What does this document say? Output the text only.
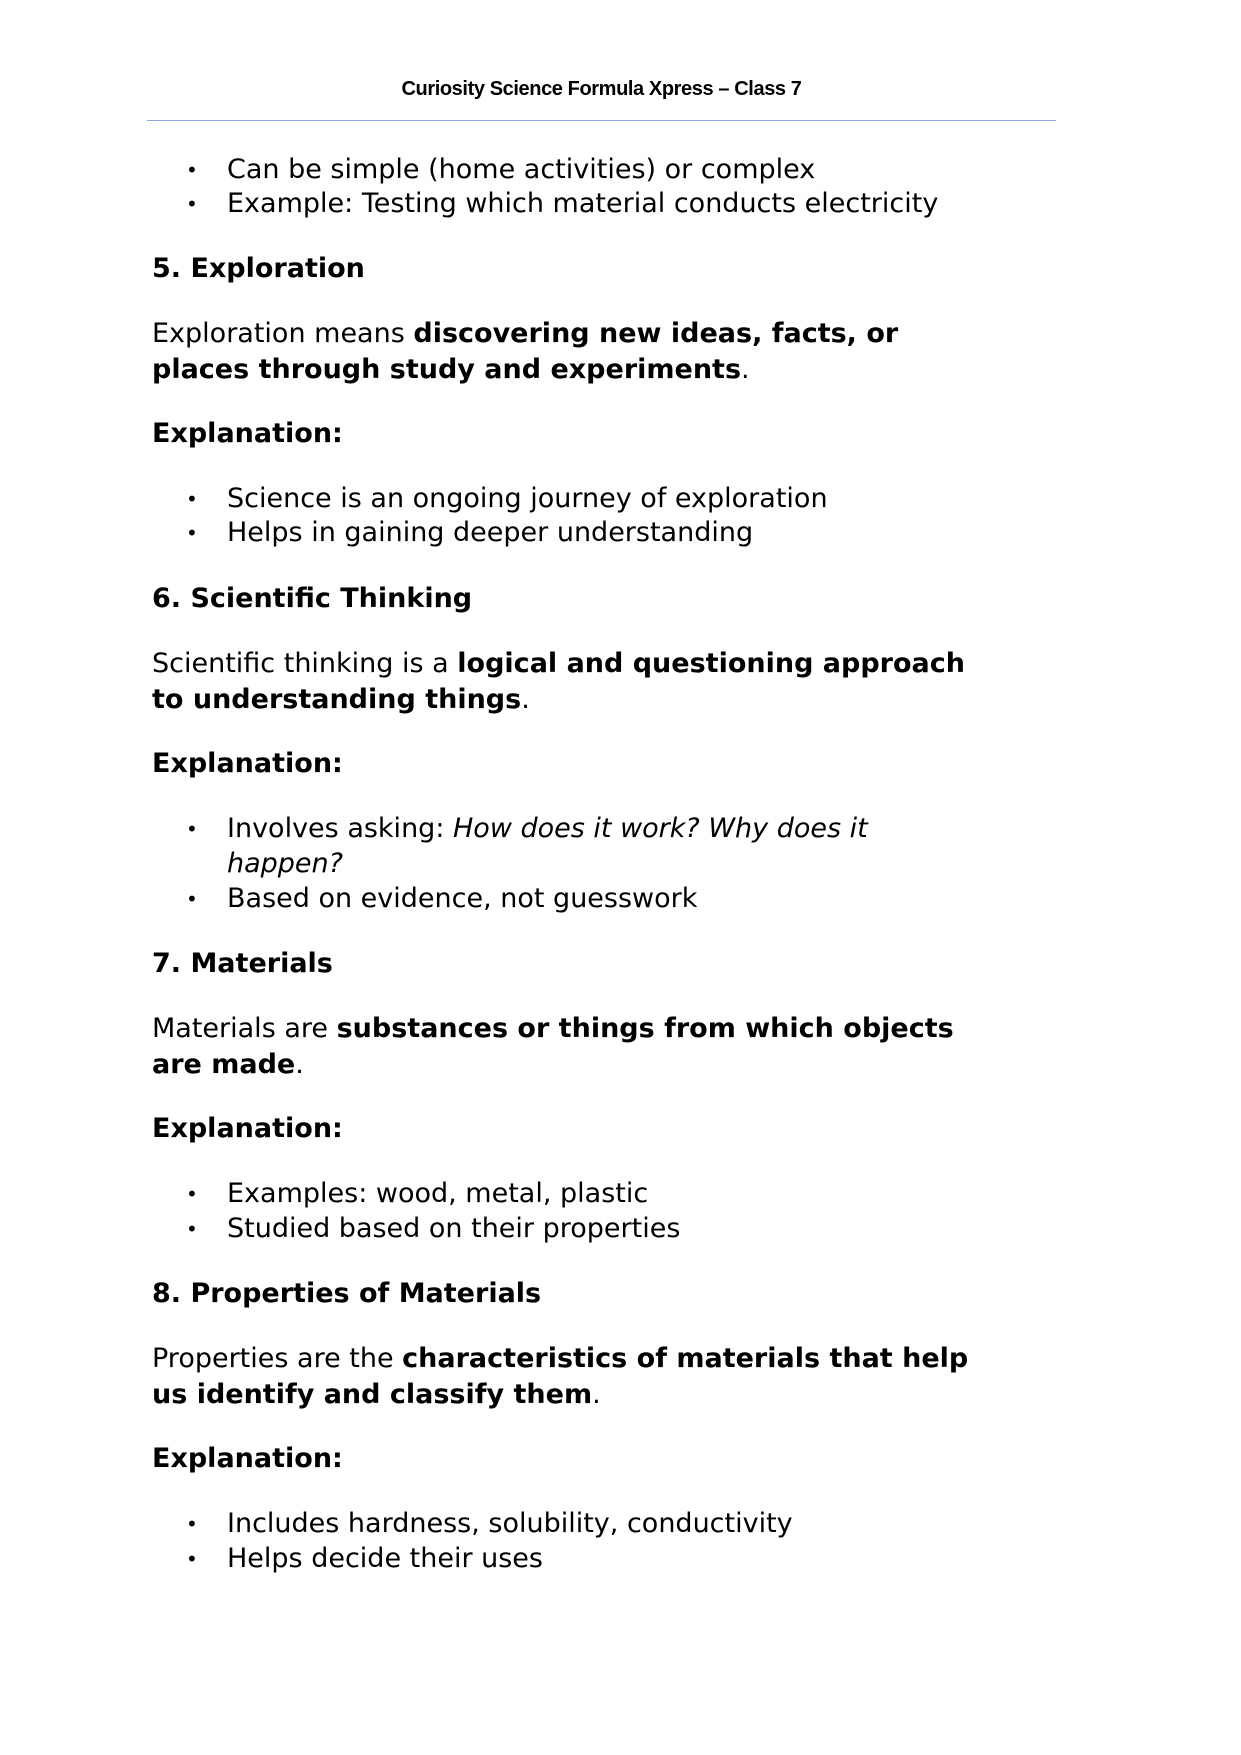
Curiosity Science Formula Xpress – Class 7
• Can be simple (home activities) or complex
• Example: Testing which material conducts electricity
5. Exploration
Exploration means discovering new ideas, facts, or
places through study and experiments.
Explanation:
• Science is an ongoing journey of exploration
• Helps in gaining deeper understanding
6. Scientific Thinking
Scientific thinking is a logical and questioning approach
to understanding things.
Explanation:
• Involves asking: How does it work? Why does it
happen?
• Based on evidence, not guesswork
7. Materials
Materials are substances or things from which objects
are made.
Explanation:
• Examples: wood, metal, plastic
• Studied based on their properties
8. Properties of Materials
Properties are the characteristics of materials that help
us identify and classify them.
Explanation:
• Includes hardness, solubility, conductivity
• Helps decide their uses
